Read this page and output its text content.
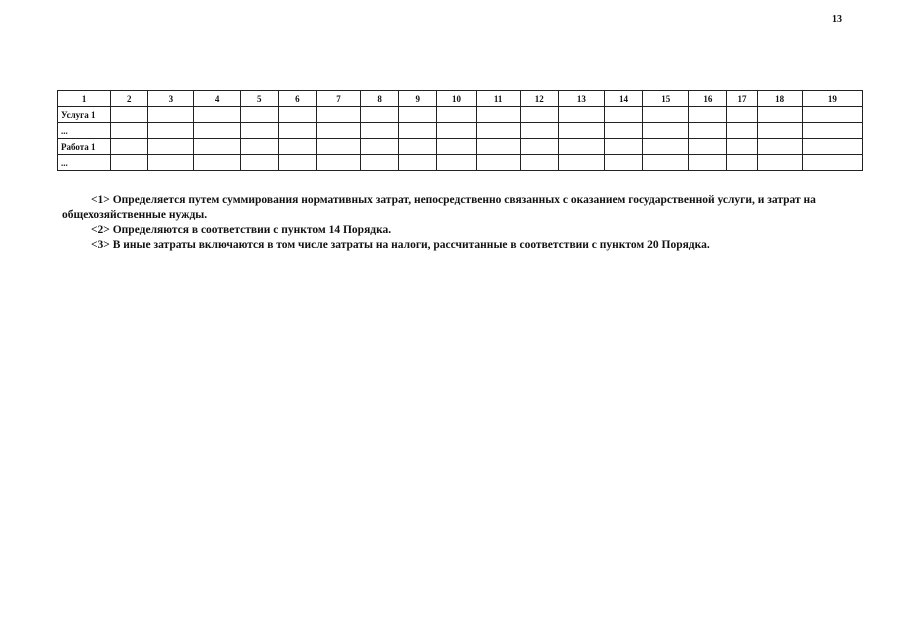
13
1	2	3	4	5	6	7	8	9	10	11	12	13	14	15	16	17	18	19
Услуга 1																		
...																		
Работа 1																		
...																		

<1> Определяется путем суммирования нормативных затрат, непосредственно связанных с оказанием государственной услуги, и затрат на общехозяйственные нужды.

<2> Определяются в соответствии с пунктом 14 Порядка.

<3> В иные затраты включаются в том числе затраты на налоги, рассчитанные в соответствии с пунктом 20 Порядка.
